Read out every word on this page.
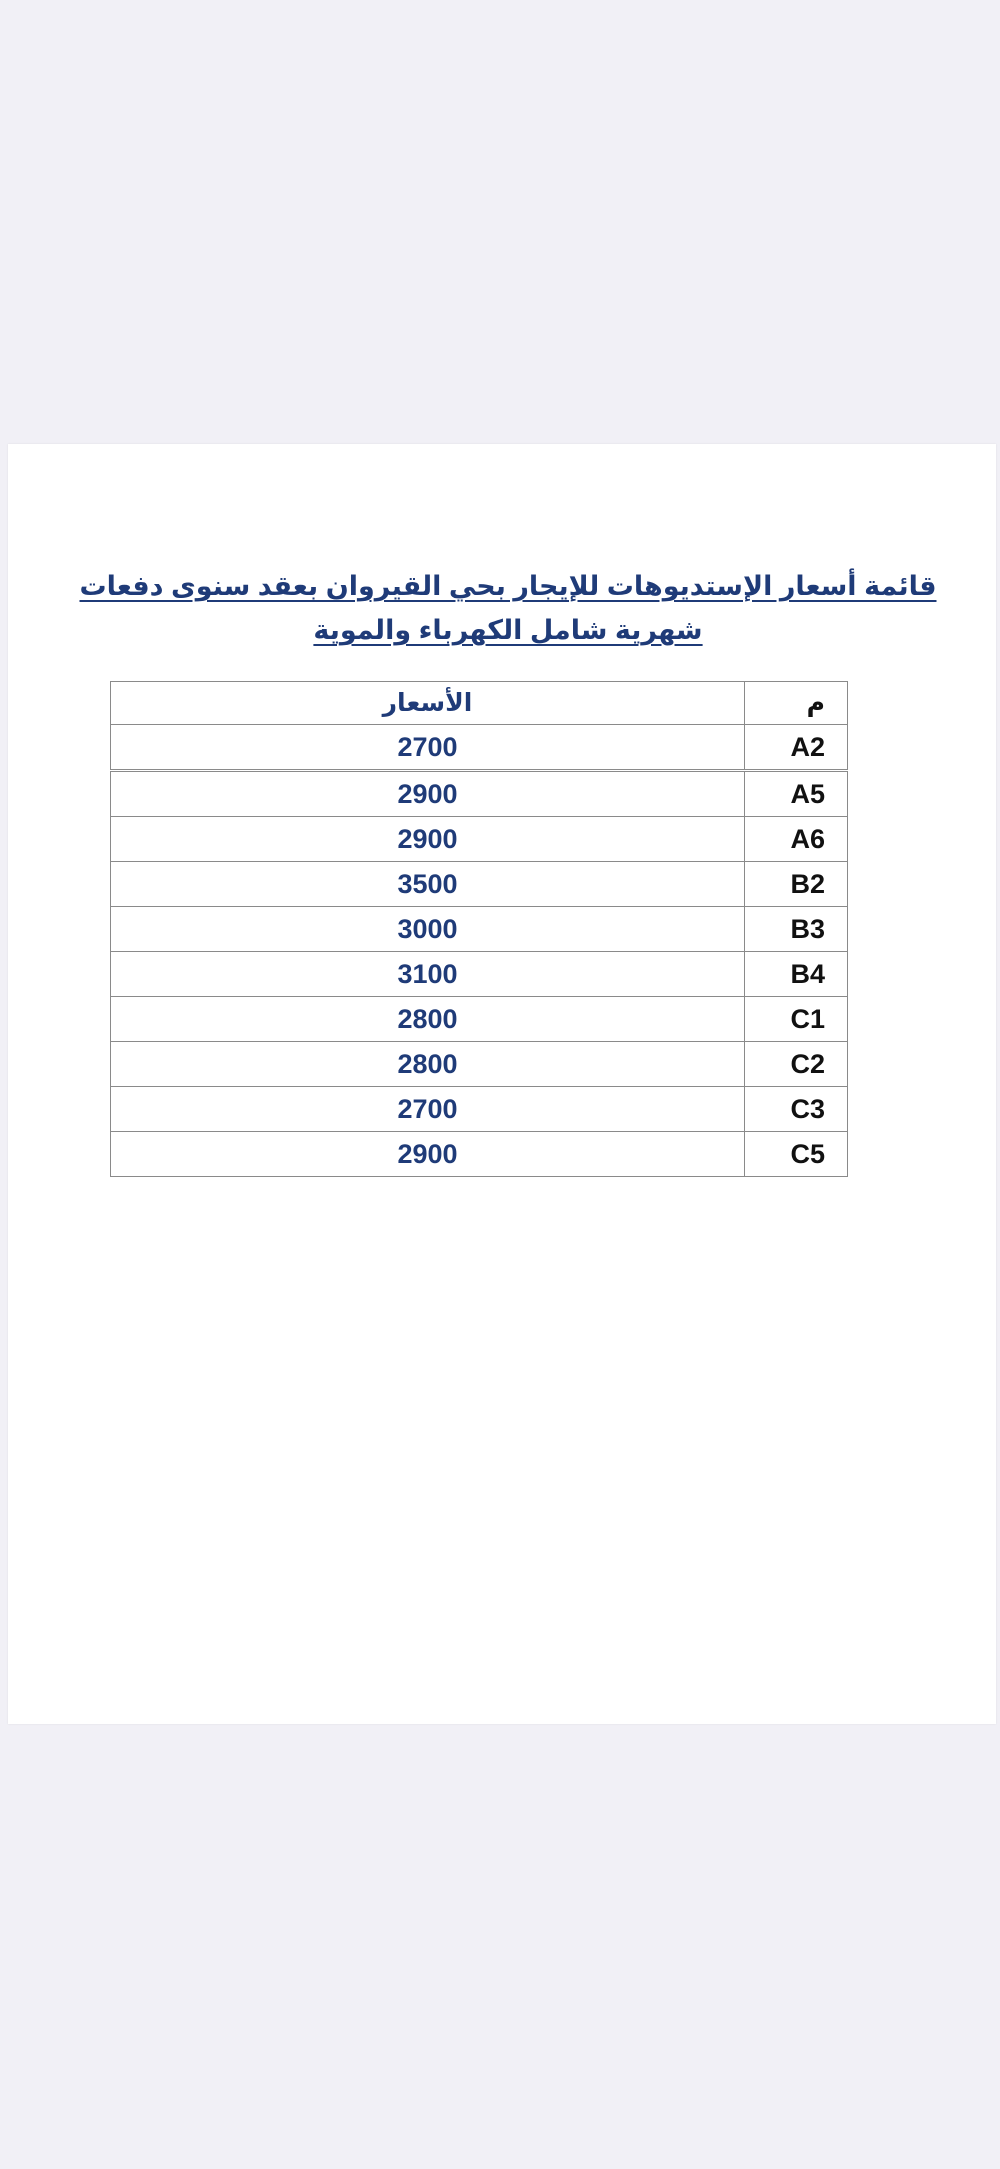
قائمة أسعار الإستديوهات للإيجار بحي القيروان بعقد سنوى دفعات شهرية شامل الكهرباء والموية
م	الأسعار
A2	2700
A5	2900
A6	2900
B2	3500
B3	3000
B4	3100
C1	2800
C2	2800
C3	2700
C5	2900
